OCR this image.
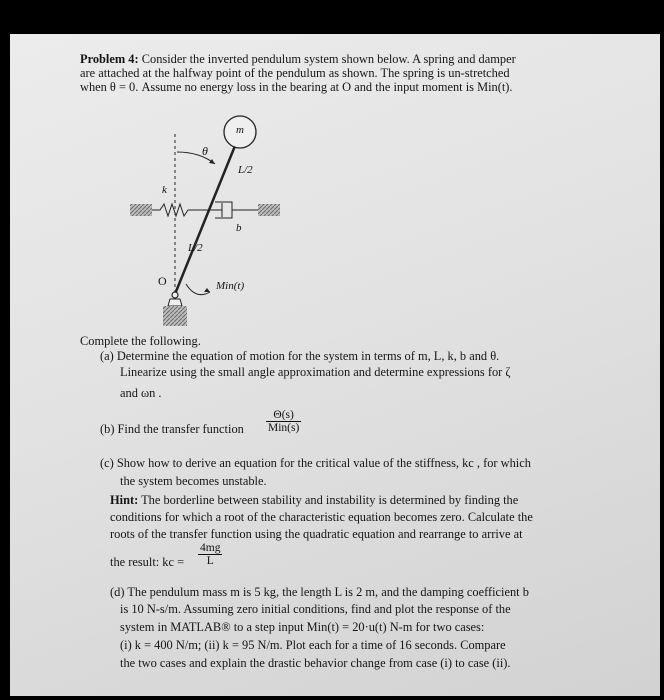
Problem 4: Consider the inverted pendulum system shown below. A spring and damper
are attached at the halfway point of the pendulum as shown. The spring is un-stretched
when θ = 0. Assume no energy loss in the bearing at O and the input moment is Min(t).
m
θ
L/2
k
b
L/2
O	Min(t)
Complete the following.
(a) Determine the equation of motion for the system in terms of m, L, k, b and θ.
Linearize using the small angle approximation and determine expressions for ζ
and ωn .
(b) Find the transfer function
Θ(s)
Min(s)
(c) Show how to derive an equation for the critical value of the stiffness, kc , for which
the system becomes unstable.
Hint: The borderline between stability and instability is determined by finding the
conditions for which a root of the characteristic equation becomes zero. Calculate the
roots of the transfer function using the quadratic equation and rearrange to arrive at
the result: kc = $\frac{4mg}{L}$
(d) The pendulum mass m is 5 kg, the length L is 2 m, and the damping coefficient b
is 10 N-s/m. Assuming zero initial conditions, find and plot the response of the
system in MATLAB® to a step input Min(t) = 20·u(t) N-m for two cases:
(i) k = 400 N/m; (ii) k = 95 N/m. Plot each for a time of 16 seconds. Compare
the two cases and explain the drastic behavior change from case (i) to case (ii).
